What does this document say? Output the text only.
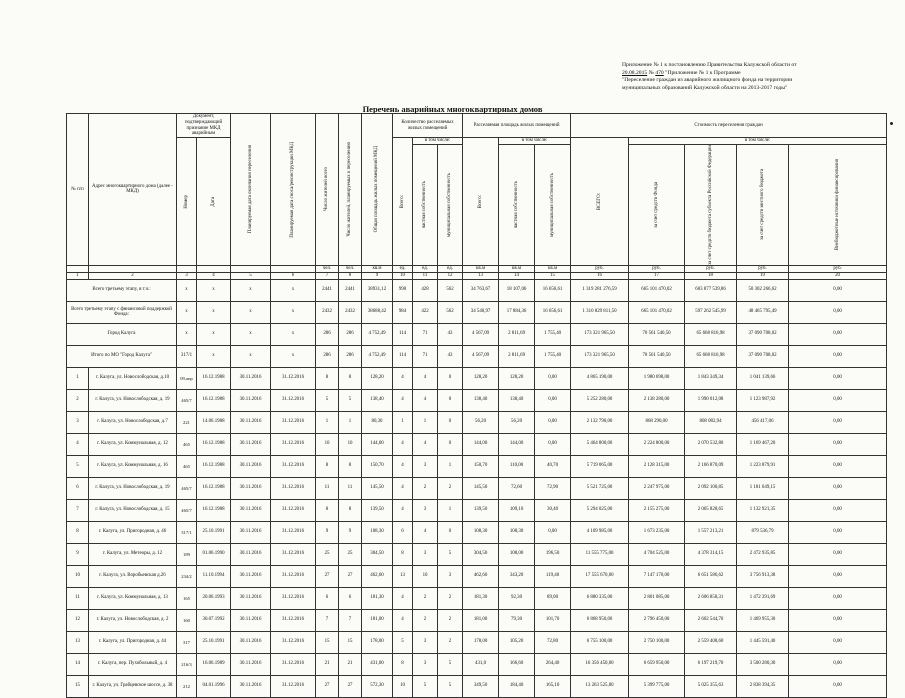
Приложение № 1 к постановлению Правительства Калужской области от
20.08.2015 № 470 "Приложение № 1 к Программе
"Переселение граждан из аварийного жилищного фонда на территории
муниципальных образований Калужской области на 2013-2017 годы"
Перечень аварийных многоквартирных домов
№ п/п	Адрес многоквартирного дома (далее - МКД)	Документ, подтверждающий признание МКД аварийным		Планируемая дата окончания переселения	Планируемая дата сноса/реконструкции МКД	Число жителей всего	Число жителей, планируемых к переселению	Общая площадь жилых помещений МКД	Количество расселяемых жилых помещений			Расселяемая площадь жилых помещений			Стоимость переселения граждан				

		Номер	Дата						Всего:	в том числе:		Всего:	в том числе:		ВСЕГО:	в том числе:			

										частная собственность	муниципальная собственность		частная собственность	муниципальная собственность		за счет средств Фонда	за счет средств бюджета субъекта Российской Федерации	за счет средств местного бюджета	Внебюджетные источники финансирования

						чел.	чел.	кв.м	ед.	ед.	ед.	кв.м	кв.м	кв.м	руб.	руб.	руб.	руб.	руб.
1	2	3	4	5	6	7	8	9	10	11	12	13	14	15	16	17	18	19	20
Всего третьему этапу, в т.ч.:		х	х	х	х	2441	2441	38931,12	990	428	562	34 763,67	18 107,06	16 656,61	1 319 281 276,59	665 101 470,02	603 877 539,86	50 302 266,62	0,00
Всего третьему этапу с финансовой поддержкой Фонда:		х	х	х	х	2432	2432	38688,42	984	422	562	34 540,97	17 884,36	16 656,61	1 310 829 811,50	665 101 470,02	597 262 545,99	48 465 795,49	0,00
Город Калуга		х	х	х	х	286	286	4 752,49	114	71	43	4 567,09	2 811,69	1 755,40	173 321 965,50	70 561 540,50	65 668 816,98	37 090 708,02	0,00
Итого по МО "Город Калуга"		317/1	х	х	х	286	286	4 752,49	114	71	43	4 567,09	2 811,69	1 755,40	173 321 965,50	70 561 540,50	65 668 816,98	37 090 708,02	0,00
1	г. Калуга, ул. Новослободская, д.10	09,апр	16.12.1988	30.11.2016	31.12.2016	8	8	128,20	4	4	0	128,20	128,20	0,00	4 865 190,00	1 980 698,00	1 843 349,34	1 041 139,66	0,00
2	г. Калуга, ул. Новослободская, д. 19	465/7	16.12.1988	30.11.2016	31.12.2016	5	5	138,40	4	4	0	138,40	138,40	0,00	5 252 280,00	2 138 280,00	1 990 012,08	1 123 987,92	0,00
3	г. Калуга, ул. Новослободская, д.7	221	14.06.1988	30.11.2016	31.12.2016	1	1	80,30	1	1	0	56,20	56,20	0,00	2 132 790,00	868 290,00	808 082,94	456 417,06	0,00
4	г. Калуга, ул. Коммунальная, д. 12	465	16.12.1988	30.11.2016	31.12.2016	10	10	144,00	4	4	0	144,00	144,00	0,00	5 464 800,00	2 224 800,00	2 070 532,80	1 169 467,20	0,00
5	г. Калуга, ул. Коммунальная, д. 16	465	16.12.1988	30.11.2016	31.12.2016	8	8	150,70	4	3	1	150,70	110,00	40,70	5 719 065,00	2 128 315,00	2 166 870,09	1 223 879,91	0,00
6	г. Калуга, ул. Новослободская, д. 19	465/7	16.12.1988	30.11.2016	31.12.2016	11	11	145,50	4	2	2	145,50	72,60	72,90	5 521 725,00	2 247 975,00	2 092 100,85	1 181 649,15	0,00
7	г. Калуга, ул. Новослободская, д. 15	465/7	16.12.1988	30.11.2016	31.12.2016	8	8	139,50	4	3	1	139,50	109,10	30,40	5 294 025,00	2 155 275,00	2 005 828,65	1 132 921,35	0,00
8	г. Калуга, ул. Пригородная, д. 46	317/1	25.10.1991	30.11.2016	31.12.2016	9	9	108,30	6	4	0	108,30	108,30	0,00	4 109 985,00	1 673 235,00	1 557 213,21	879 536,79	0,00
9	г. Калуга, ул. Метеоры, д. 12	189	01.06.1990	30.11.2016	31.12.2016	25	25	304,50	8	3	5	304,50	108,00	196,50	11 555 775,00	4 704 525,00	4 378 314,15	2 472 935,85	0,00
10	г. Калуга, ул. Воробьевская д.26	234/2	11.10.1994	30.11.2016	31.12.2016	27	27	462,60	13	10	3	462,60	343,20	119,40	17 555 670,00	7 147 170,00	6 651 586,62	3 756 913,38	0,00
11	г. Калуга, ул. Коммунальная, д. 13	165	20.06.1993	30.11.2016	31.12.2016	6	6	181,30	4	2	2	181,30	92,30	89,00	6 880 335,00	2 801 085,00	2 606 858,31	1 472 391,69	0,00
12	г. Калуга, ул. Новослободская, д. 2	160	30.07.1992	30.11.2016	31.12.2016	7	7	181,00	4	2	2	181,00	79,30	101,70	6 868 950,00	2 796 450,00	2 602 544,70	1 469 955,30	0,00
13	г. Калуга, ул. Пригородная, д. 44	317	25.10.1991	30.11.2016	31.12.2016	15	15	178,00	5	3	2	178,00	105,20	72,80	6 755 100,00	2 750 100,00	2 559 408,60	1 445 591,40	0,00
14	г. Калуга, пер. Пухобольный, д. 4	216/3	16.06.1989	30.11.2016	31.12.2016	21	21	431,00	8	3	5	431,0	166,60	264,40	16 356 450,00	6 659 950,00	6 197 219,70	3 500 280,30	0,00
15	г. Калуга, ул. Грабцевское шоссе, д. 38	212	04.01.1996	30.11.2016	31.12.2016	27	27	572,30	10	5	5	349,50	184,40	165,10	13 263 525,00	5 399 775,00	5 025 355,63	2 838 394,35	0,00
